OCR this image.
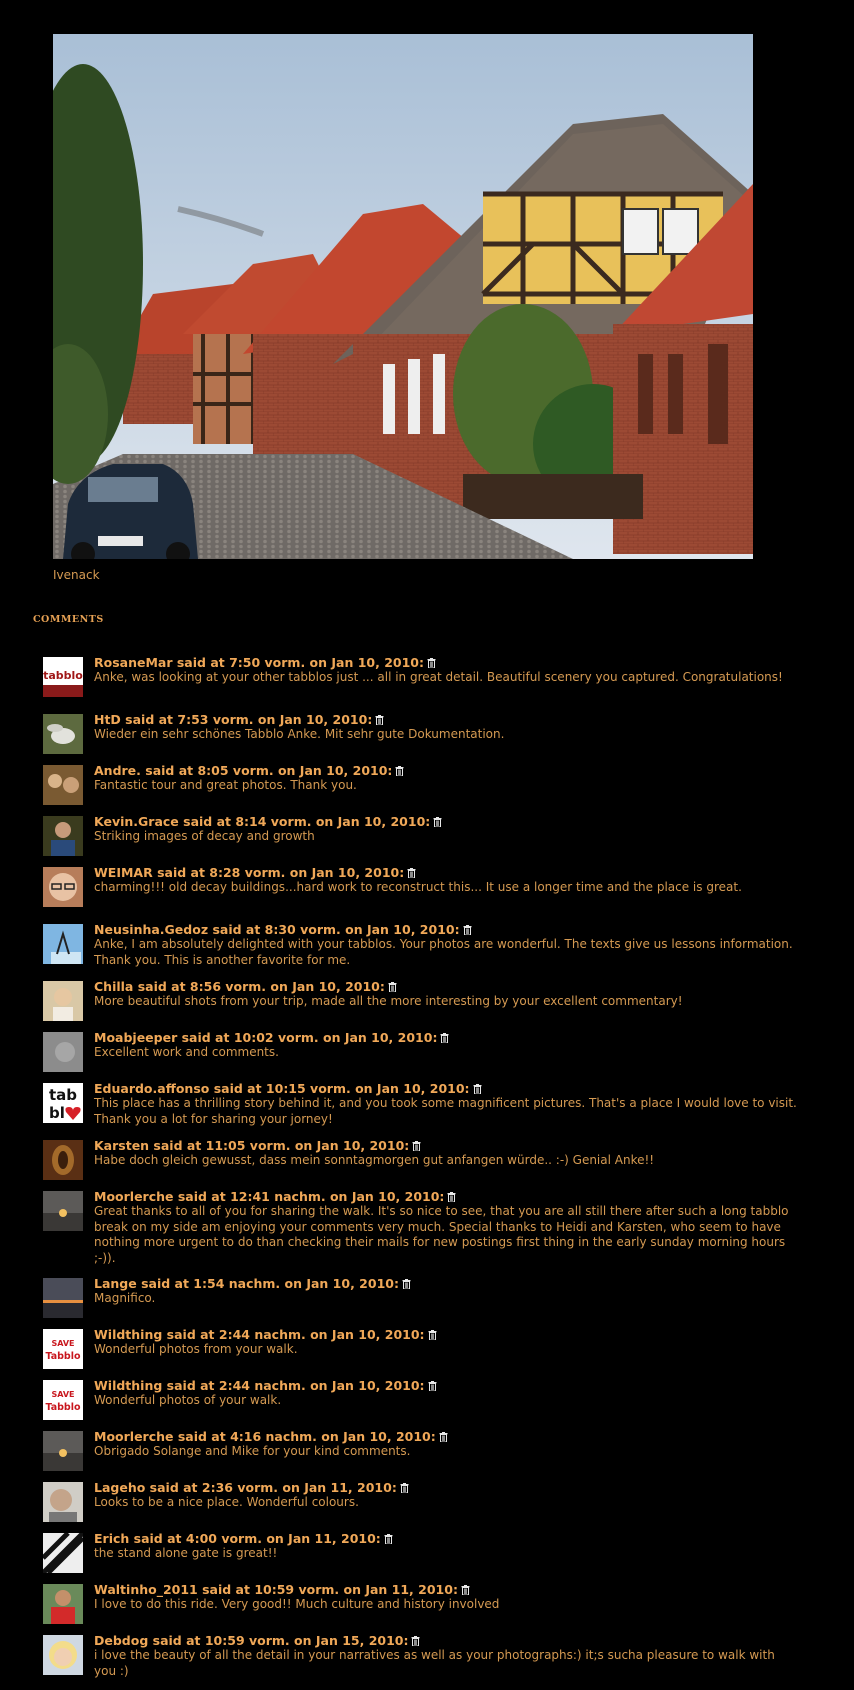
Ivenack
COMMENTS
tabblo
RosaneMar said at 7:50 vorm. on Jan 10, 2010:
Anke, was looking at your other tabblos just ... all in great detail. Beautiful scenery you captured. Congratulations!
HtD said at 7:53 vorm. on Jan 10, 2010:
Wieder ein sehr schönes Tabblo Anke. Mit sehr gute Dokumentation.
Andre. said at 8:05 vorm. on Jan 10, 2010:
Fantastic tour and great photos. Thank you.
Kevin.Grace said at 8:14 vorm. on Jan 10, 2010:
Striking images of decay and growth
WEIMAR said at 8:28 vorm. on Jan 10, 2010:
charming!!! old decay buildings...hard work to reconstruct this... It use a longer time and the place is great.
Neusinha.Gedoz said at 8:30 vorm. on Jan 10, 2010:
Anke, I am absolutely delighted with your tabblos. Your photos are wonderful. The texts give us lessons information. Thank you. This is another favorite for me.
Chilla said at 8:56 vorm. on Jan 10, 2010:
More beautiful shots from your trip, made all the more interesting by your excellent commentary!
Moabjeeper said at 10:02 vorm. on Jan 10, 2010:
Excellent work and comments.
tab
bl
Eduardo.affonso said at 10:15 vorm. on Jan 10, 2010:
This place has a thrilling story behind it, and you took some magnificent pictures. That's a place I would love to visit. Thank you a lot for sharing your jorney!
Karsten said at 11:05 vorm. on Jan 10, 2010:
Habe doch gleich gewusst, dass mein sonntagmorgen gut anfangen würde.. :-) Genial Anke!!
Moorlerche said at 12:41 nachm. on Jan 10, 2010:
Great thanks to all of you for sharing the walk. It's so nice to see, that you are all still there after such a long tabblo break on my side am enjoying your comments very much. Special thanks to Heidi and Karsten, who seem to have nothing more urgent to do than checking their mails for new postings first thing in the early sunday morning hours ;-)).
Lange said at 1:54 nachm. on Jan 10, 2010:
Magnifico.
SAVE
Tabblo
Wildthing said at 2:44 nachm. on Jan 10, 2010:
Wonderful photos from your walk.
SAVE
Tabblo
Wildthing said at 2:44 nachm. on Jan 10, 2010:
Wonderful photos of your walk.
Moorlerche said at 4:16 nachm. on Jan 10, 2010:
Obrigado Solange and Mike for your kind comments.
Lageho said at 2:36 vorm. on Jan 11, 2010:
Looks to be a nice place. Wonderful colours.
Erich said at 4:00 vorm. on Jan 11, 2010:
the stand alone gate is great!!
Waltinho_2011 said at 10:59 vorm. on Jan 11, 2010:
I love to do this ride. Very good!! Much culture and history involved
Debdog said at 10:59 vorm. on Jan 15, 2010:
i love the beauty of all the detail in your narratives as well as your photographs:) it;s sucha pleasure to walk with you :)
